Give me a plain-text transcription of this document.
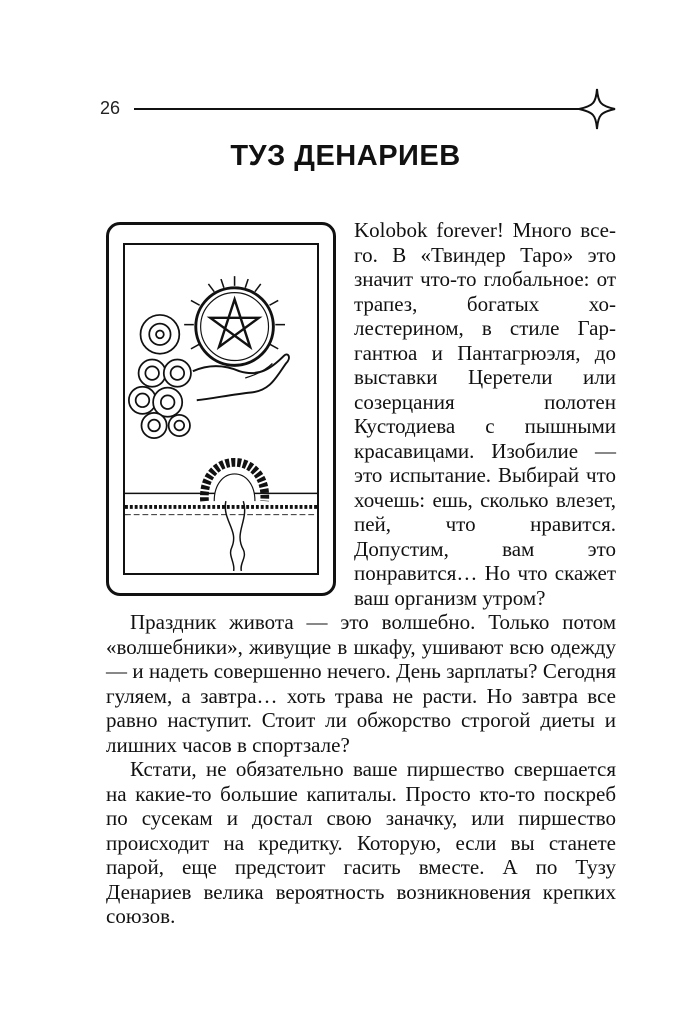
26
ТУЗ ДЕНАРИЕВ

Kolobok forever! Много всего. В «Твиндер Таро» это значит что-то глобальное: от трапез, богатых холестерином, в стиле Гаргантюа и Пантагрюэля, до выставки Церетели или созерцания полотен Кустодиева с пышными красавицами. Изобилие — это испытание. Выбирай что хочешь: ешь, сколько влезет, пей, что нравится. Допустим, вам это понравится… Но что скажет ваш организм утром?

Праздник живота — это волшебно. Только потом «волшебники», живущие в шкафу, ушивают всю одежду — и надеть совершенно нечего. День зарплаты? Сегодня гуляем, а завтра… хоть трава не расти. Но завтра все равно наступит. Стоит ли обжорство строгой диеты и лишних часов в спортзале?

Кстати, не обязательно ваше пиршество свершается на какие-то большие капиталы. Просто кто-то поскреб по сусекам и достал свою заначку, или пиршество происходит на кредитку. Которую, если вы станете парой, еще предстоит гасить вместе. А по Тузу Денариев велика вероятность возникновения крепких союзов.
